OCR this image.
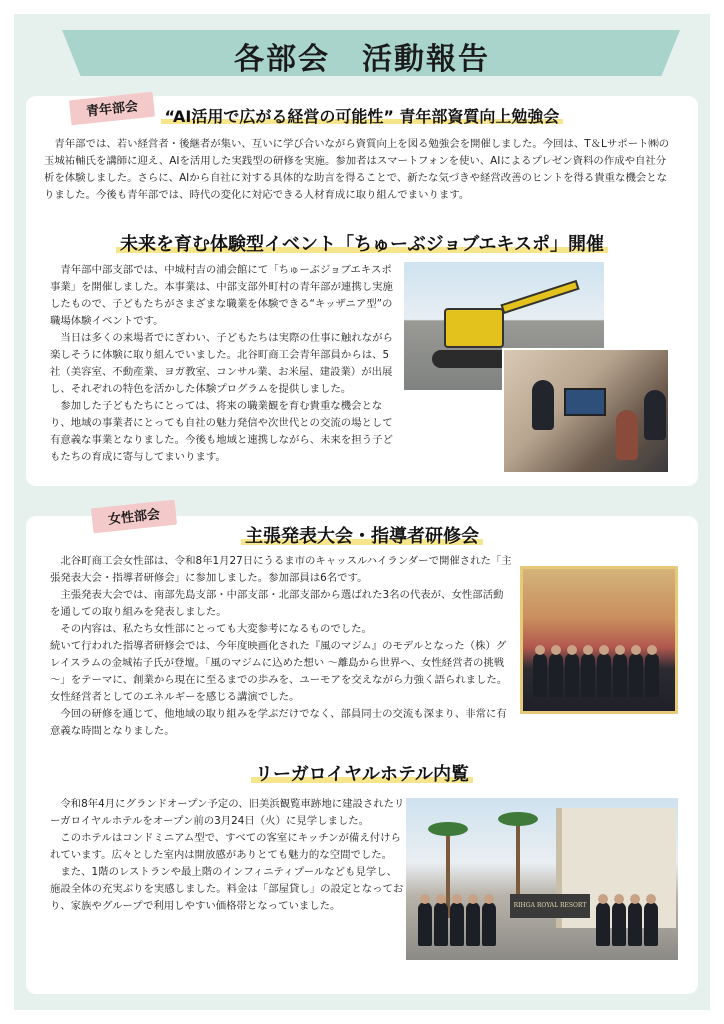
各部会　活動報告
青年部会	“AI活用で広がる経営の可能性” 青年部資質向上勉強会

青年部では、若い経営者・後継者が集い、互いに学び合いながら資質向上を図る勉強会を開催しました。今回は、T＆Lサポート㈱の玉城祐輔氏を講師に迎え、AIを活用した実践型の研修を実施。参加者はスマートフォンを使い、AIによるプレゼン資料の作成や自社分析を体験しました。さらに、AIから自社に対する具体的な助言を得ることで、新たな気づきや経営改善のヒントを得る貴重な機会となりました。今後も青年部では、時代の変化に対応できる人材育成に取り組んでまいります。

未来を育む体験型イベント「ちゅーぶジョブエキスポ」開催

青年部中部支部では、中城村吉の浦会館にて「ちゅーぶジョブエキスポ事業」を開催しました。本事業は、中部支部外町村の青年部が連携し実施したもので、子どもたちがさまざまな職業を体験できる“キッザニア型”の職場体験イベントです。

当日は多くの来場者でにぎわい、子どもたちは実際の仕事に触れながら楽しそうに体験に取り組んでいました。北谷町商工会青年部員からは、5社（美容室、不動産業、ヨガ教室、コンサル業、お米屋、建設業）が出展し、それぞれの特色を活かした体験プログラムを提供しました。

参加した子どもたちにとっては、将来の職業観を育む貴重な機会となり、地域の事業者にとっても自社の魅力発信や次世代との交流の場として有意義な事業となりました。今後も地域と連携しながら、未来を担う子どもたちの育成に寄与してまいります。

女性部会
主張発表大会・指導者研修会

北谷町商工会女性部は、令和8年1月27日にうるま市のキャッスルハイランダーで開催された「主張発表大会・指導者研修会」に参加しました。参加部員は6名です。

主張発表大会では、南部先島支部・中部支部・北部支部から選ばれた3名の代表が、女性部活動を通しての取り組みを発表しました。

その内容は、私たち女性部にとっても大変参考になるものでした。

続いて行われた指導者研修会では、今年度映画化された『風のマジム』のモデルとなった（株）グレイスラムの金城祐子氏が登壇。「風のマジムに込めた想い ～離島から世界へ、女性経営者の挑戦～」をテーマに、創業から現在に至るまでの歩みを、ユーモアを交えながら力強く語られました。女性経営者としてのエネルギーを感じる講演でした。

今回の研修を通じて、他地域の取り組みを学ぶだけでなく、部員同士の交流も深まり、非常に有意義な時間となりました。

リーガロイヤルホテル内覧

令和8年4月にグランドオープン予定の、旧美浜観覧車跡地に建設されたリーガロイヤルホテルをオープン前の3月24日（火）に見学しました。

このホテルはコンドミニアム型で、すべての客室にキッチンが備え付けられています。広々とした室内は開放感がありとても魅力的な空間でした。

また、1階のレストランや最上階のインフィニティプールなども見学し、施設全体の充実ぶりを実感しました。料金は「部屋貸し」の設定となっており、家族やグループで利用しやすい価格帯となっていました。	RIHGA ROYAL RESORT
